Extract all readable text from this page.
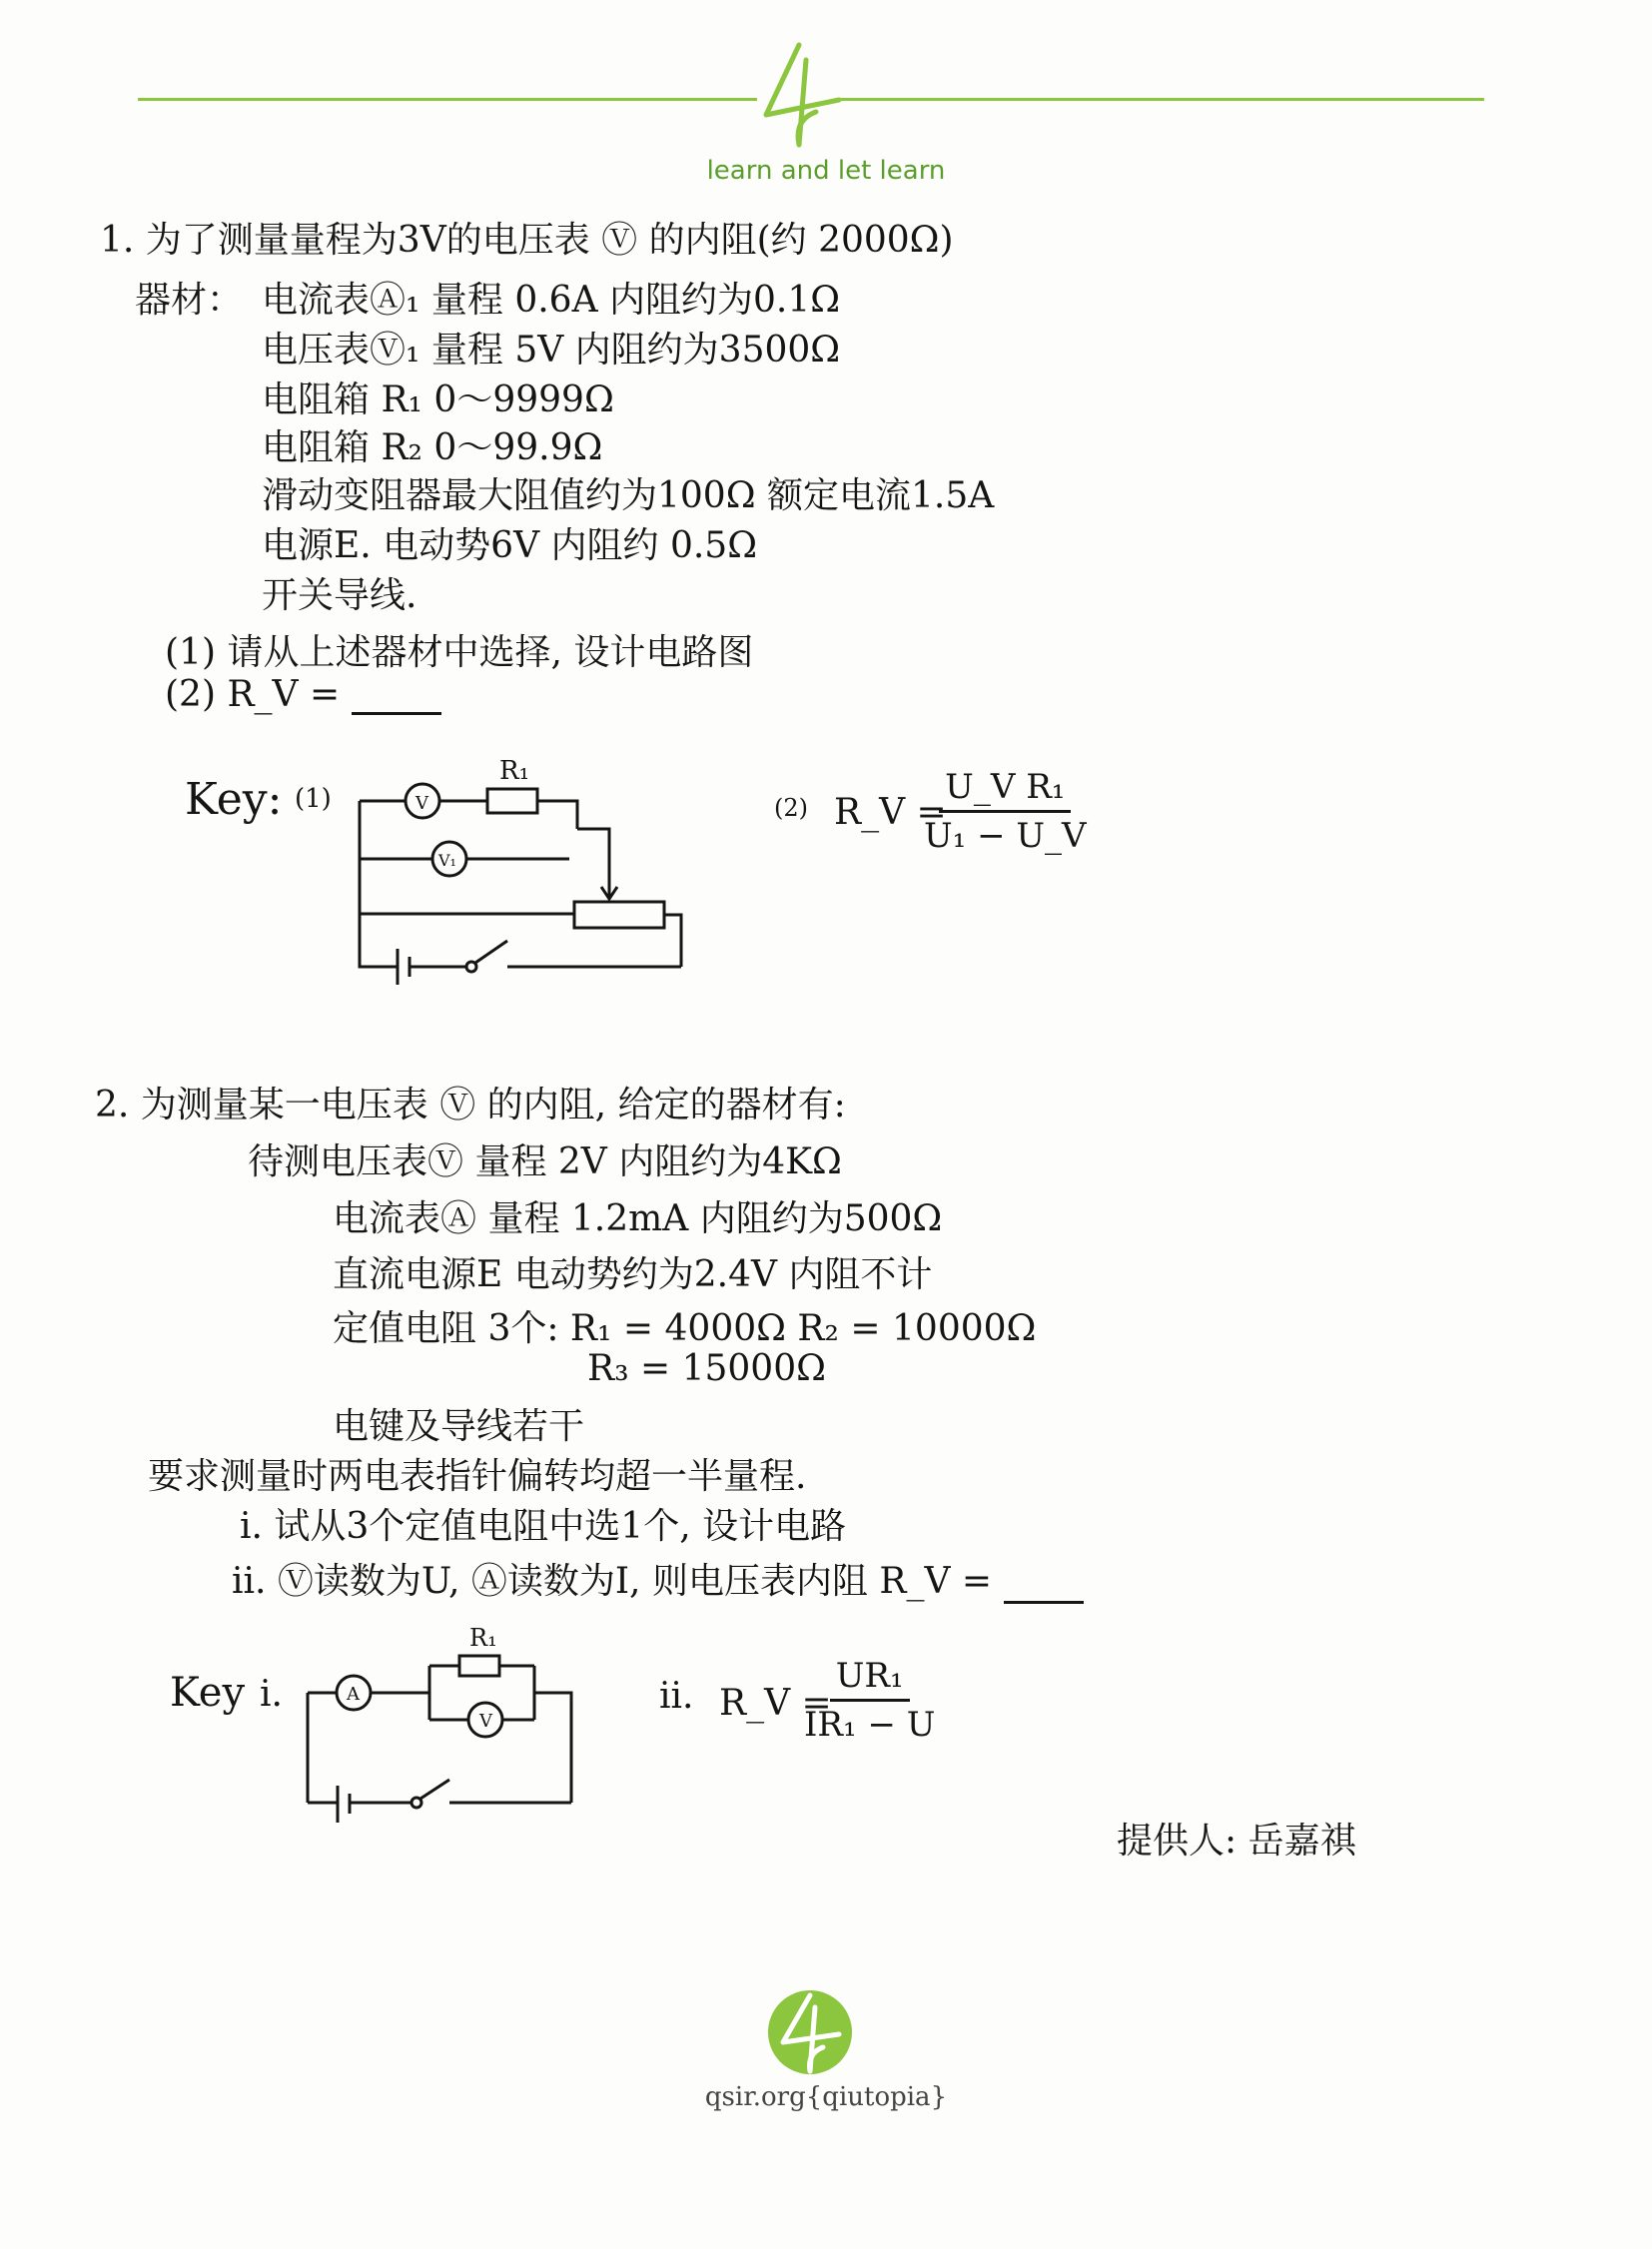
learn and let learn
1. 为了测量量程为3V的电压表 Ⓥ 的内阻(约 2000Ω)
器材： 电流表Ⓐ₁ 量程 0.6A 内阻约为0.1Ω
电压表Ⓥ₁ 量程 5V 内阻约为3500Ω
电阻箱 R₁ 0～9999Ω
电阻箱 R₂ 0～99.9Ω
滑动变阻器最大阻值约为100Ω 额定电流1.5A
电源E. 电动势6V 内阻约 0.5Ω
开关导线.
(1) 请从上述器材中选择, 设计电路图
(2) R_V =
Key: (1)
R₁
V
V₁
(2) R_V =
$\frac{\text{U\_V R₁}}{\text{U₁ − U\_V}}$
2. 为测量某一电压表 Ⓥ 的内阻, 给定的器材有:
待测电压表Ⓥ 量程 2V 内阻约为4KΩ
电流表Ⓐ 量程 1.2mA 内阻约为500Ω
直流电源E 电动势约为2.4V 内阻不计
定值电阻 3个: R₁ = 4000Ω R₂ = 10000Ω
R₃ = 15000Ω
电键及导线若干
要求测量时两电表指针偏转均超一半量程.
i. 试从3个定值电阻中选1个, 设计电路
ii. Ⓥ读数为U, Ⓐ读数为I, 则电压表内阻 R_V =
Key i.
R₁
A
V
ii. R_V =
$\frac{\text{UR₁}}{\text{IR₁ − U}}$
提供人: 岳嘉祺
qsir.org{qiutopia}
